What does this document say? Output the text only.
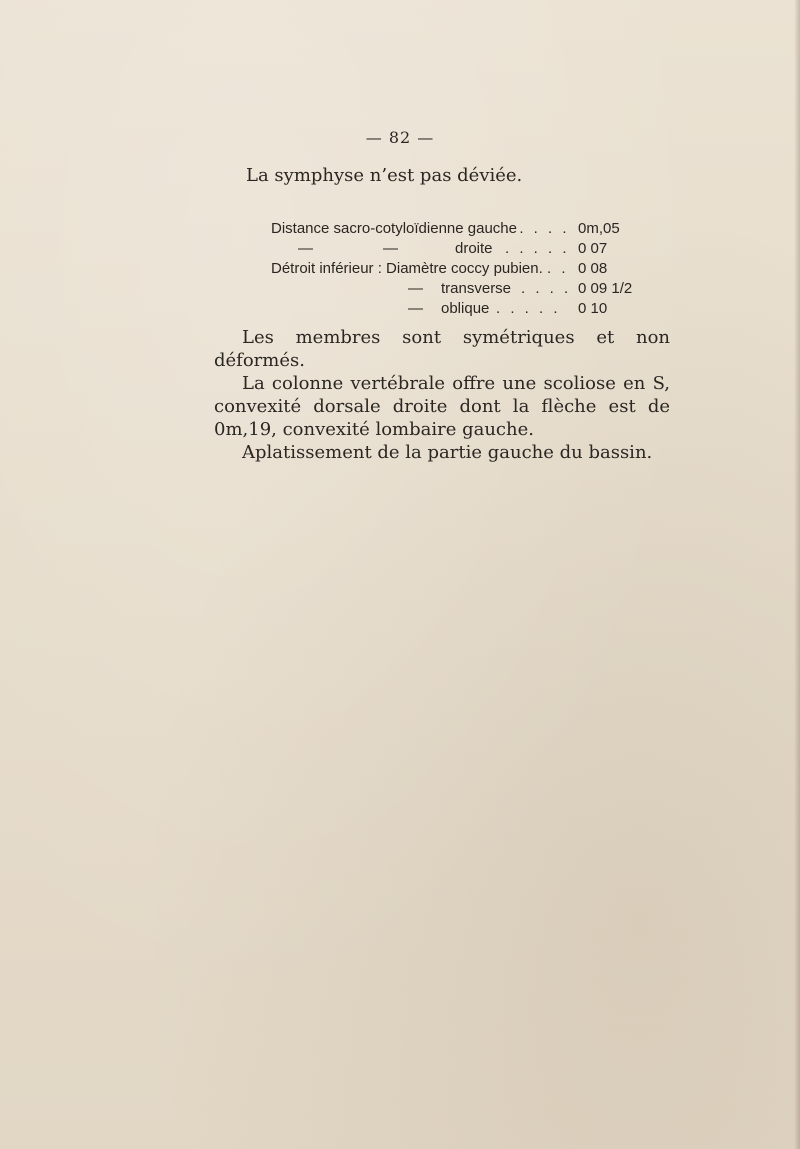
— 82 —
La symphyse n’est pas déviée.
Distance sacro-cotyloïdienne gauche
. . . . . 0m,05
—	—	droite . . . . . 0 07
Détroit inférieur : Diamètre coccy pubien. . . 0 08
— transverse . . . . 0 09 1/2
— oblique . . . . . 0 10

Les membres sont symétriques et non déformés.

La colonne vertébrale offre une scoliose en S, convexité dorsale droite dont la flèche est de 0m,19, convexité lombaire gauche.

Aplatissement de la partie gauche du bassin.
